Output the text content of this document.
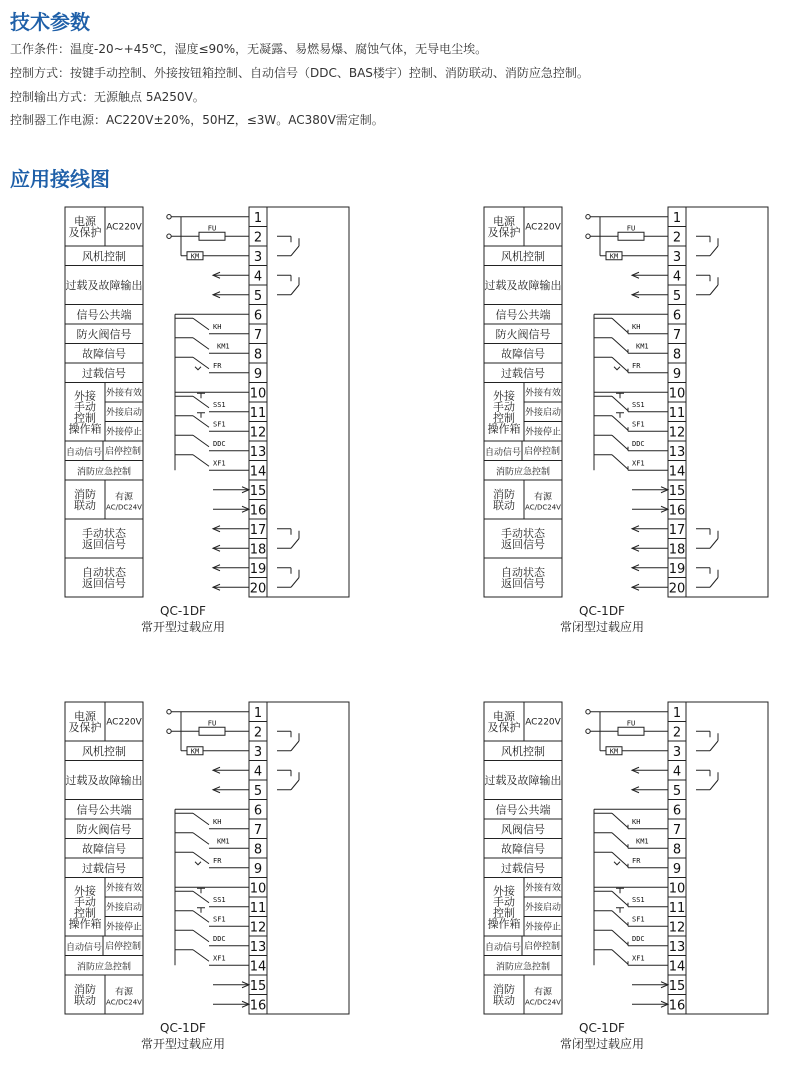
技术参数
工作条件：温度-20~+45℃，湿度≤90%，无凝露、易燃易爆、腐蚀气体，无导电尘埃。
控制方式：按键手动控制、外接按钮箱控制、自动信号（DDC、BAS楼宇）控制、消防联动、消防应急控制。
控制输出方式：无源触点 5A250V。
控制器工作电源：AC220V±20%，50HZ，≤3W。AC380V需定制。
应用接线图
电源及保护 AC220V
风机控制
过载及故障输出
信号公共端
防火阀信号
故障信号
过载信号
外接手动控制操作箱
外接有效
外接启动
外接停止
自动信号 启停控制
消防应急控制
消防联动
有源
AC/DC24V
手动状态返回信号
自动状态返回信号
1
2
3
4
5
6
7
8
9
10
11
12
13
14
15
16
17
18
19
20
FU
KM
KH
KM1
FR
SS1
SF1
DDC
XF1
QC-1DF
常开型过载应用
电源及保护 AC220V
风机控制
过载及故障输出
信号公共端
防火阀信号
故障信号
过载信号
外接手动控制操作箱
外接有效
外接启动
外接停止
自动信号 启停控制
消防应急控制
消防联动
有源
AC/DC24V
手动状态返回信号
自动状态返回信号
1
2
3
4
5
6
7
8
9
10
11
12
13
14
15
16
17
18
19
20
FU
KM
KH
KM1
FR
SS1
SF1
DDC
XF1
QC-1DF
常闭型过载应用
电源及保护 AC220V
风机控制
过载及故障输出
信号公共端
防火阀信号
故障信号
过载信号
外接手动控制操作箱
外接有效
外接启动
外接停止
自动信号 启停控制
消防应急控制
消防联动
有源
AC/DC24V
1
2
3
4
5
6
7
8
9
10
11
12
13
14
15
16
FU
KM
KH
KM1
FR
SS1
SF1
DDC
XF1
QC-1DF
常开型过载应用
电源及保护 AC220V
风机控制
过载及故障输出
信号公共端
风阀信号
故障信号
过载信号
外接手动控制操作箱
外接有效
外接启动
外接停止
自动信号 启停控制
消防应急控制
消防联动
有源
AC/DC24V
1
2
3
4
5
6
7
8
9
10
11
12
13
14
15
16
FU
KM
KH
KM1
FR
SS1
SF1
DDC
XF1
QC-1DF
常闭型过载应用
